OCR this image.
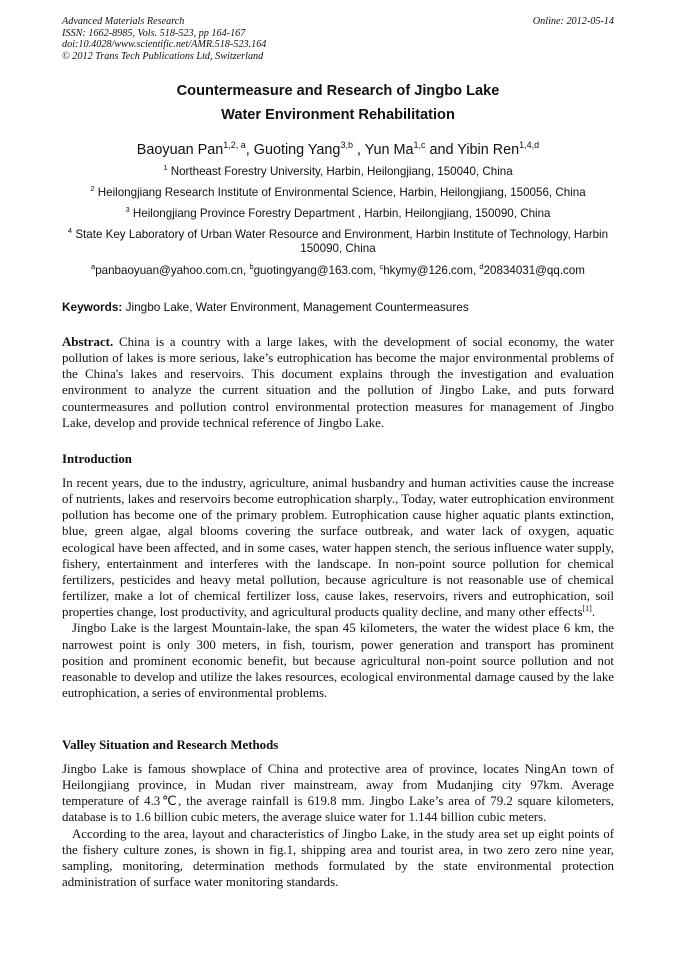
Advanced Materials Research
ISSN: 1662-8985, Vols. 518-523, pp 164-167
doi:10.4028/www.scientific.net/AMR.518-523.164
© 2012 Trans Tech Publications Ltd, Switzerland
Online: 2012-05-14
Countermeasure and Research of Jingbo Lake
Water Environment Rehabilitation
Baoyuan Pan$^{1,2, a}$, Guoting Yang$^{3,b}$ , Yun Ma$^{1,c}$ and Yibin Ren$^{1,4,d}$
$^1$ Northeast Forestry University, Harbin, Heilongjiang, 150040, China
$^2$ Heilongjiang Research Institute of Environmental Science, Harbin, Heilongjiang, 150056, China
$^3$ Heilongjiang Province Forestry Department , Harbin, Heilongjiang, 150090, China
$^4$ State Key Laboratory of Urban Water Resource and Environment, Harbin Institute of Technology, Harbin 150090, China
$^a$panbaoyuan@yahoo.com.cn, $^b$guotingyang@163.com, $^c$hkymy@126.com, $^d$20834031@qq.com
Keywords: Jingbo Lake, Water Environment, Management Countermeasures

Abstract. China is a country with a large lakes, with the development of social economy, the water pollution of lakes is more serious, lake’s eutrophication has become the major environmental problems of the China's lakes and reservoirs. This document explains through the investigation and evaluation environment to analyze the current situation and the pollution of Jingbo Lake, and puts forward countermeasures and pollution control environmental protection measures for management of Jingbo Lake, develop and provide technical reference of Jingbo Lake.

Introduction

In recent years, due to the industry, agriculture, animal husbandry and human activities cause the increase of nutrients, lakes and reservoirs become eutrophication sharply., Today, water eutrophication environment pollution has become one of the primary problem. Eutrophication cause higher aquatic plants extinction, blue, green algae, algal blooms covering the surface outbreak, and water lack of oxygen, aquatic ecological have been affected, and in some cases, water happen stench, the serious influence water supply, fishery, entertainment and interferes with the landscape. In non-point source pollution for chemical fertilizers, pesticides and heavy metal pollution, because agriculture is not reasonable use of chemical fertilizer, make a lot of chemical fertilizer loss, cause lakes, reservoirs, rivers and eutrophication, soil properties change, lost productivity, and agricultural products quality decline, and many other effects[1].

Jingbo Lake is the largest Mountain-lake, the span 45 kilometers, the water the widest place 6 km, the narrowest point is only 300 meters, in fish, tourism, power generation and transport has prominent position and prominent economic benefit, but because agricultural non-point source pollution and not reasonable to develop and utilize the lakes resources, ecological environmental damage caused by the lake eutrophication, a series of environmental problems.

Valley Situation and Research Methods

Jingbo Lake is famous showplace of China and protective area of province, locates NingAn town of Heilongjiang province, in Mudan river mainstream, away from Mudanjing city 97km. Average temperature of 4.3℃, the average rainfall is 619.8 mm. Jingbo Lake’s area of 79.2 square kilometers, database is to 1.6 billion cubic meters, the average sluice water for 1.144 billion cubic meters.

According to the area, layout and characteristics of Jingbo Lake, in the study area set up eight points of the fishery culture zones, is shown in fig.1, shipping area and tourist area, in two zero zero nine year, sampling, monitoring, determination methods formulated by the state environmental protection administration of surface water monitoring standards.
